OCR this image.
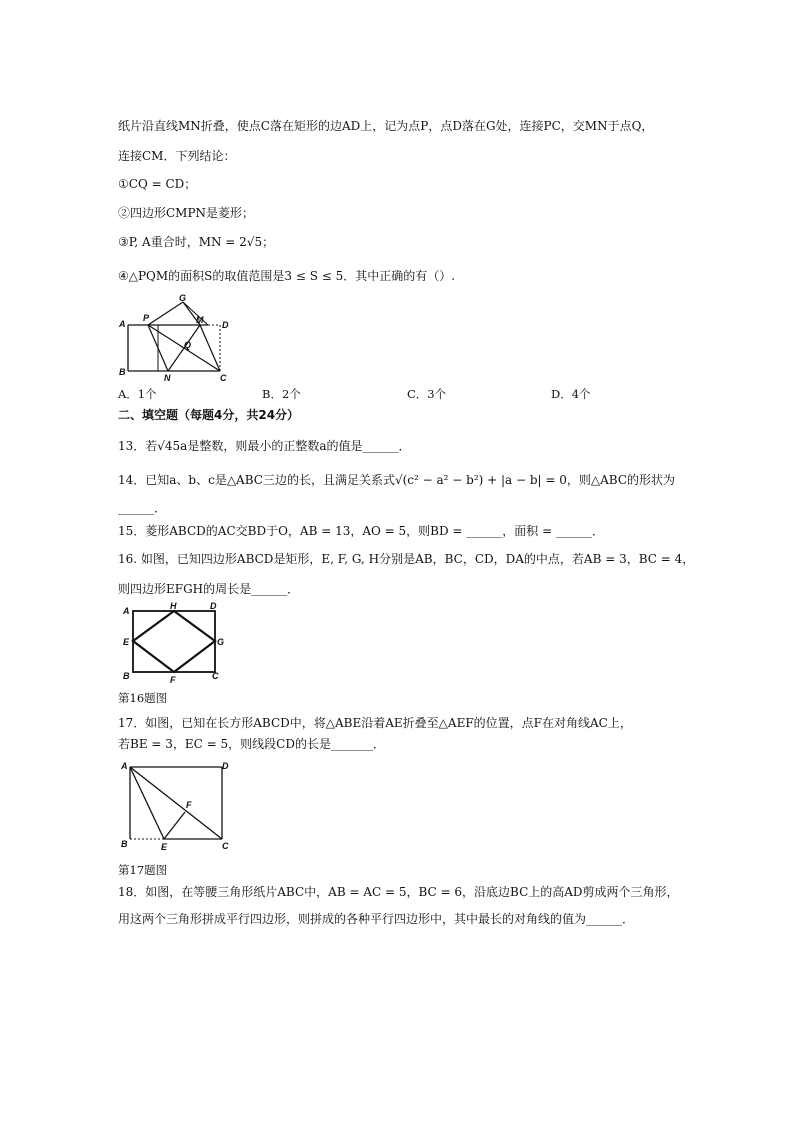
纸片沿直线MN折叠，使点C落在矩形的边AD上，记为点P，点D落在G处，连接PC，交MN于点Q，
连接CM．下列结论：
①CQ = CD；
②四边形CMPN是菱形；
③P, A重合时，MN = 2√5；
④△PQM的面积S的取值范围是3 ≤ S ≤ 5．其中正确的有（）.
A
P
G
M D
Q
B
N	C
A．1个	B．2个	C．3个	D．4个
二、填空题（每题4分，共24分）
13．若√45a是整数，则最小的正整数a的值是______．
14．已知a、b、c是△ABC三边的长，且满足关系式√(c² − a² − b²) + |a − b| = 0，则△ABC的形状为
______．
15．菱形ABCD的AC交BD于O，AB = 13，AO = 5，则BD = ______，面积 = ______．
16. 如图，已知四边形ABCD是矩形，E, F, G, H分别是AB，BC，CD，DA的中点，若AB = 3，BC = 4，
则四边形EFGH的周长是______．
A	H	D
E	G
B	F	C
第16题图
17．如图，已知在长方形ABCD中，将△ABE沿着AE折叠至△AEF的位置，点F在对角线AC上，
若BE = 3，EC = 5，则线段CD的长是_______．
A	D
F
B	E	C
第17题图
18．如图，在等腰三角形纸片ABC中，AB = AC = 5，BC = 6，沿底边BC上的高AD剪成两个三角形，
用这两个三角形拼成平行四边形，则拼成的各种平行四边形中，其中最长的对角线的值为______．
